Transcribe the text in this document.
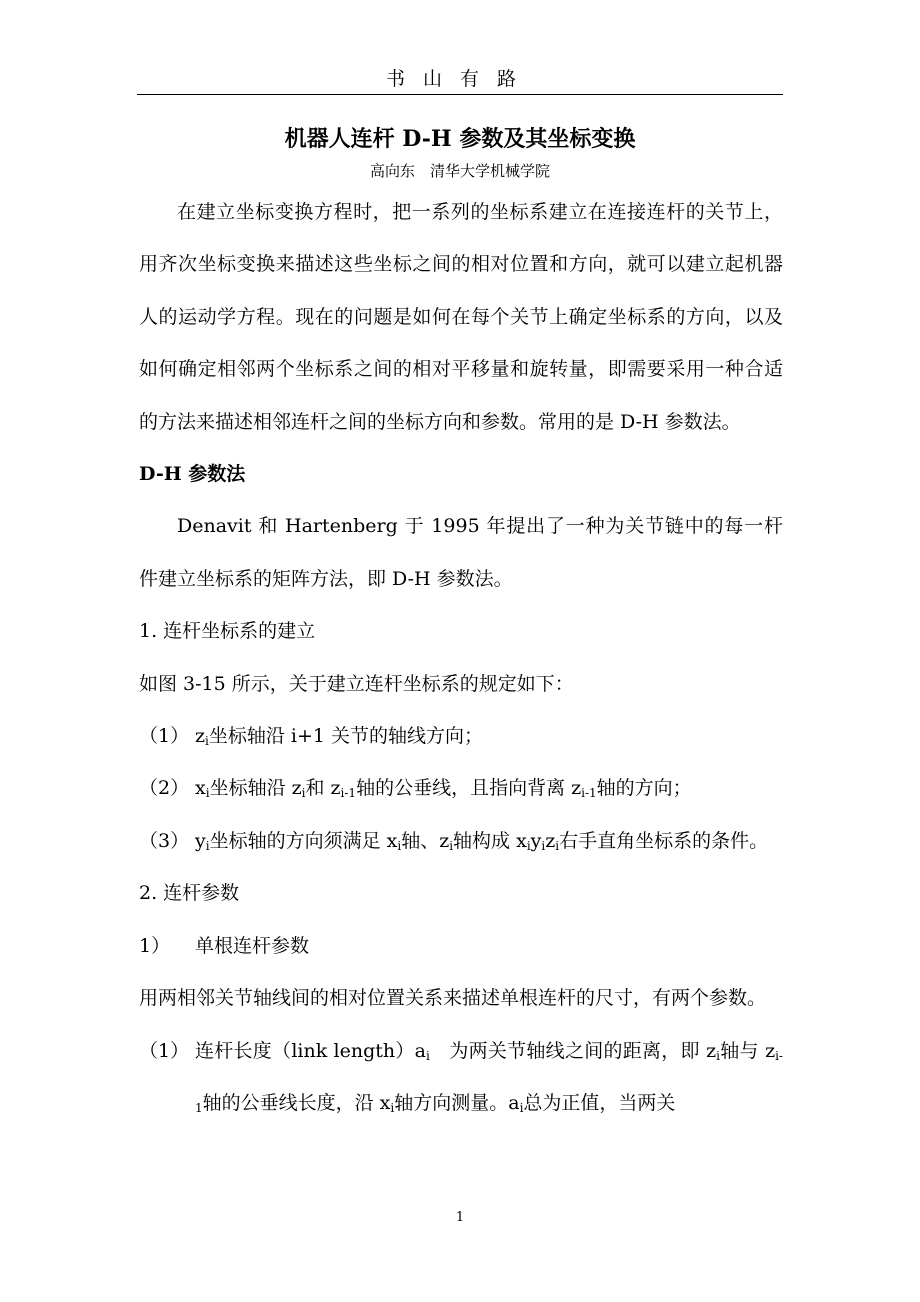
书山有路
机器人连杆 D-H 参数及其坐标变换
高向东　清华大学机械学院

在建立坐标变换方程时，把一系列的坐标系建立在连接连杆的关节上，用齐次坐标变换来描述这些坐标之间的相对位置和方向，就可以建立起机器人的运动学方程。现在的问题是如何在每个关节上确定坐标系的方向，以及如何确定相邻两个坐标系之间的相对平移量和旋转量，即需要采用一种合适的方法来描述相邻连杆之间的坐标方向和参数。常用的是 D-H 参数法。

D-H 参数法

Denavit 和 Hartenberg 于 1995 年提出了一种为关节链中的每一杆件建立坐标系的矩阵方法，即 D-H 参数法。

1. 连杆坐标系的建立

如图 3-15 所示，关于建立连杆坐标系的规定如下：

（1） $z_i$坐标轴沿 i+1 关节的轴线方向；
（2） $x_i$坐标轴沿 $z_i$和 $z_{i-1}$轴的公垂线，且指向背离 $z_{i-1}$轴的方向；
（3） $y_i$坐标轴的方向须满足 $x_i$轴、$z_i$轴构成 $x_iy_iz_i$右手直角坐标系的条件。

2. 连杆参数

1） 单根连杆参数

用两相邻关节轴线间的相对位置关系来描述单根连杆的尺寸，有两个参数。

（1） 连杆长度（link $length)a_i$　为两关节轴线之间的距离，即 $z_i$轴与 $z_{i-1}$轴的公垂线长度，沿 $x_i$轴方向测量。$a_i$总为正值，当两关
1
